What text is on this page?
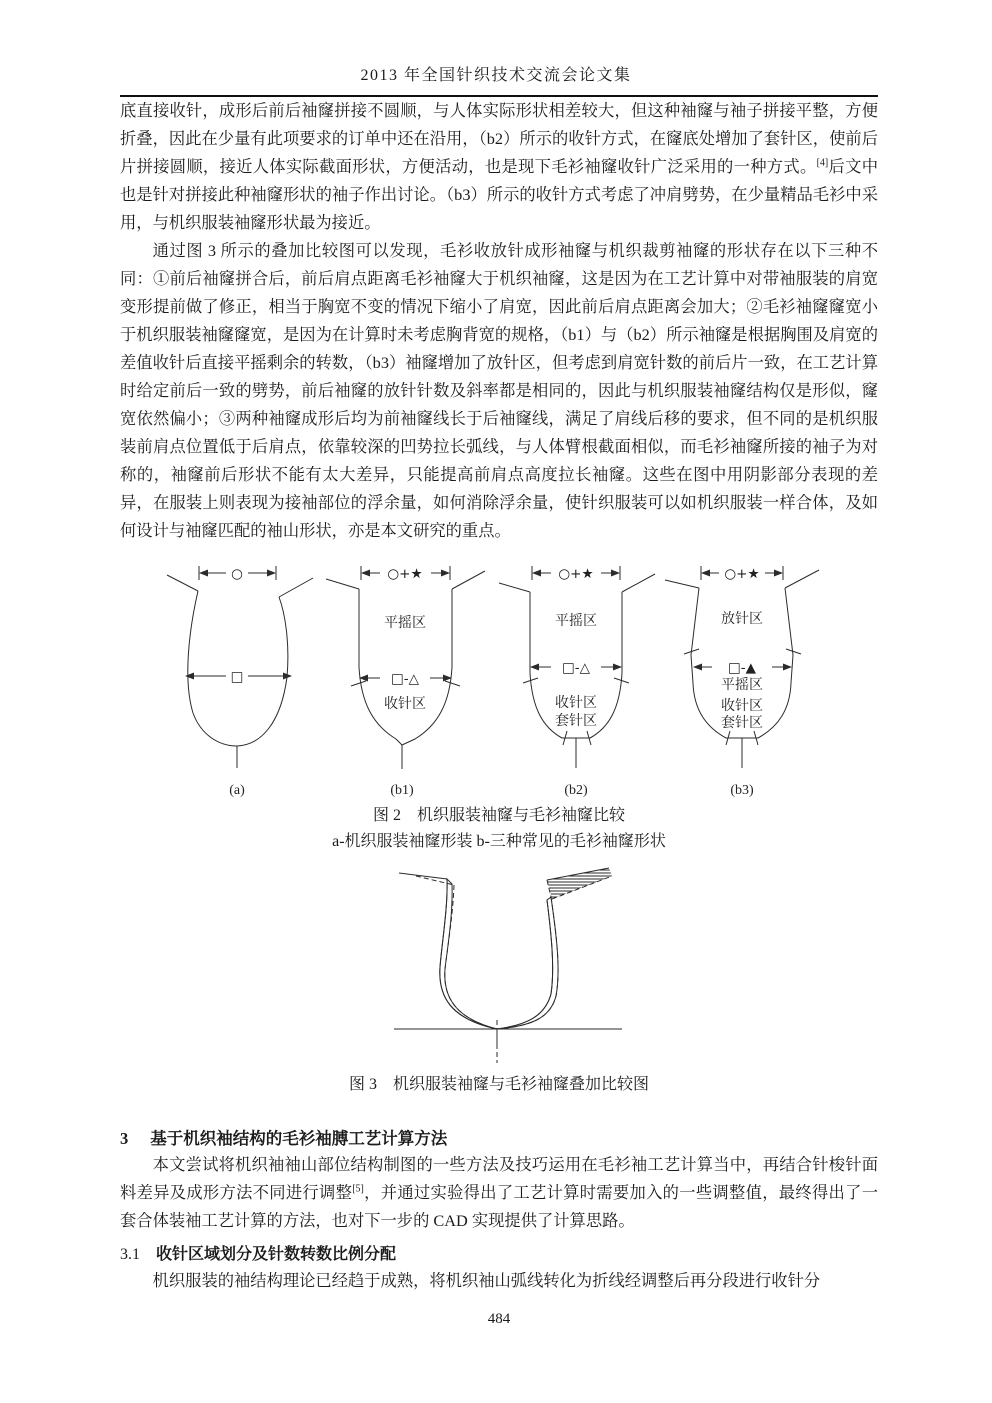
2013 年全国针织技术交流会论文集

底直接收针，成形后前后袖窿拼接不圆顺，与人体实际形状相差较大，但这种袖窿与袖子拼接平整，方便折叠，因此在少量有此项要求的订单中还在沿用，（b2）所示的收针方式，在窿底处增加了套针区，使前后片拼接圆顺，接近人体实际截面形状，方便活动，也是现下毛衫袖窿收针广泛采用的一种方式。[4]后文中也是针对拼接此种袖窿形状的袖子作出讨论。（b3）所示的收针方式考虑了冲肩劈势，在少量精品毛衫中采用，与机织服装袖窿形状最为接近。

通过图 3 所示的叠加比较图可以发现，毛衫收放针成形袖窿与机织裁剪袖窿的形状存在以下三种不同：①前后袖窿拼合后，前后肩点距离毛衫袖窿大于机织袖窿，这是因为在工艺计算中对带袖服装的肩宽变形提前做了修正，相当于胸宽不变的情况下缩小了肩宽，因此前后肩点距离会加大；②毛衫袖窿窿宽小于机织服装袖窿窿宽，是因为在计算时未考虑胸背宽的规格，（b1）与（b2）所示袖窿是根据胸围及肩宽的差值收针后直接平摇剩余的转数，（b3）袖窿增加了放针区，但考虑到肩宽针数的前后片一致，在工艺计算时给定前后一致的劈势，前后袖窿的放针针数及斜率都是相同的，因此与机织服装袖窿结构仅是形似，窿宽依然偏小；③两种袖窿成形后均为前袖窿线长于后袖窿线，满足了肩线后移的要求，但不同的是机织服装前肩点位置低于后肩点，依靠较深的凹势拉长弧线，与人体臂根截面相似，而毛衫袖窿所接的袖子为对称的，袖窿前后形状不能有太大差异，只能提高前肩点高度拉长袖窿。这些在图中用阴影部分表现的差异，在服装上则表现为接袖部位的浮余量，如何消除浮余量，使针织服装可以如机织服装一样合体，及如何设计与袖窿匹配的袖山形状，亦是本文研究的重点。

○
□
(a)
○+★
平摇区
□-△
收针区
(b1)
○+★
平摇区
□-△
收针区
套针区
(b2)
○+★
放针区
□-▲
平摇区
收针区
套针区
(b3)
图 2　机织服装袖窿与毛衫袖窿比较
a-机织服装袖窿形装 b-三种常见的毛衫袖窿形状
图 3　机织服装袖窿与毛衫袖窿叠加比较图
3 基于机织袖结构的毛衫袖膊工艺计算方法

本文尝试将机织袖袖山部位结构制图的一些方法及技巧运用在毛衫袖工艺计算当中，再结合针梭针面料差异及成形方法不同进行调整[5]，并通过实验得出了工艺计算时需要加入的一些调整值，最终得出了一套合体装袖工艺计算的方法，也对下一步的 CAD 实现提供了计算思路。

3.1 收针区域划分及针数转数比例分配

机织服装的袖结构理论已经趋于成熟，将机织袖山弧线转化为折线经调整后再分段进行收针分

484
